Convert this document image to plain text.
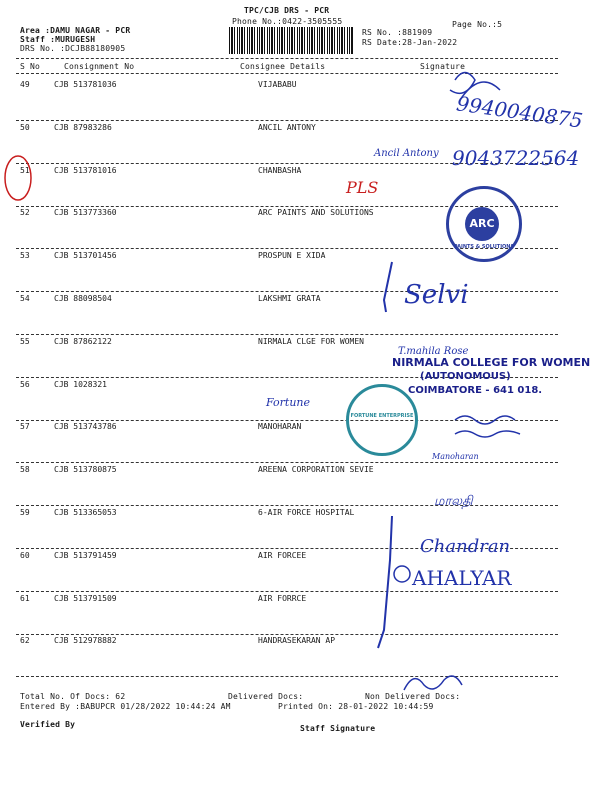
TPC/CJB DRS - PCR
Phone No.:0422-3505555
Area :DAMU NAGAR - PCR
Staff :MURUGESH
DRS No. :DCJB88180905
RS No. :881909
RS Date:28-Jan-2022
Page No.:5
S No	Consignment No	Consignee Details	Signature
49	CJB 513781036	VIJABABU
50	CJB 87983286	ANCIL ANTONY
51	CJB 513781016	CHANBASHA
52	CJB 513773360	ARC PAINTS AND SOLUTIONS
53	CJB 513701456	PROSPUN E XIDA
54	CJB 88098504	LAKSHMI GRATA
55	CJB 87862122	NIRMALA CLGE FOR WOMEN
56	CJB 1028321
57	CJB 513743786	MANOHARAN
58	CJB 513780875	AREENA CORPORATION SEVIE
59	CJB 513365053	6-AIR FORCE HOSPITAL
60	CJB 513791459	AIR FORCEE
61	CJB 513791509	AIR FORRCE
62	CJB 512978882	HANDRASEKARAN AP
Total No. Of Docs: 62	Delivered Docs:	Non Delivered Docs:
Entered By :BABUPCR 01/28/2022 10:44:24 AM	Printed On: 28-01-2022 10:44:59
Verified By	Staff Signature
9940040875
Ancil Antony 9043722564
PLS
Selvi
T.mahila Rose
NIRMALA COLLEGE FOR WOMEN
(AUTONOMOUS)
COIMBATORE - 641 018.
Fortune
Manoharan
மாலதி
Chandran
AHALYAR
ARC
PAINTS & SOLUTIONS
FORTUNE ENTERPRISE
